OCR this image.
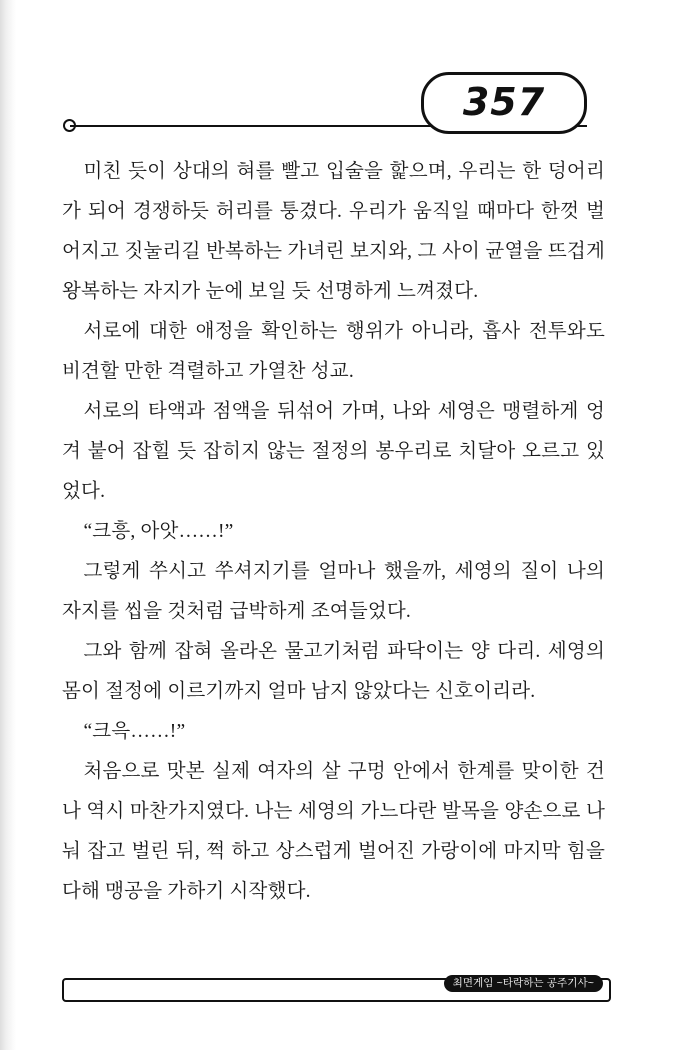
357

미친 듯이 상대의 혀를 빨고 입술을 핥으며, 우리는 한 덩어리가 되어 경쟁하듯 허리를 퉁겼다. 우리가 움직일 때마다 한껏 벌어지고 짓눌리길 반복하는 가녀린 보지와, 그 사이 균열을 뜨겁게 왕복하는 자지가 눈에 보일 듯 선명하게 느껴졌다.

서로에 대한 애정을 확인하는 행위가 아니라, 흡사 전투와도 비견할 만한 격렬하고 가열찬 성교.

서로의 타액과 점액을 뒤섞어 가며, 나와 세영은 맹렬하게 엉겨 붙어 잡힐 듯 잡히지 않는 절정의 봉우리로 치달아 오르고 있었다.

“크흥, 아앗……!”

그렇게 쑤시고 쑤셔지기를 얼마나 했을까, 세영의 질이 나의 자지를 씹을 것처럼 급박하게 조여들었다.

그와 함께 잡혀 올라온 물고기처럼 파닥이는 양 다리. 세영의 몸이 절정에 이르기까지 얼마 남지 않았다는 신호이리라.

“크윽……!”

처음으로 맛본 실제 여자의 살 구멍 안에서 한계를 맞이한 건 나 역시 마찬가지였다. 나는 세영의 가느다란 발목을 양손으로 나눠 잡고 벌린 뒤, 쩍 하고 상스럽게 벌어진 가랑이에 마지막 힘을 다해 맹공을 가하기 시작했다.

최면게임 ~타락하는 공주기사~
